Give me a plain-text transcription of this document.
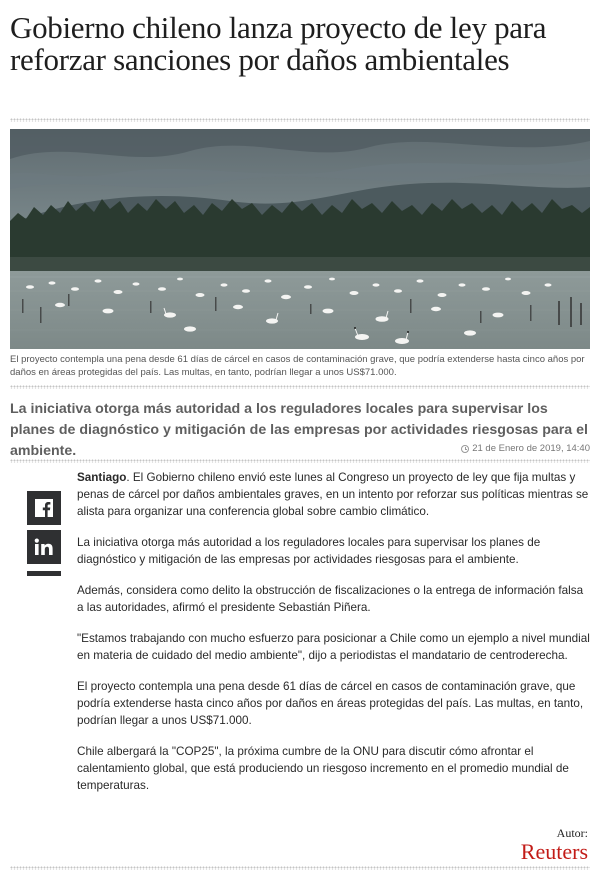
Gobierno chileno lanza proyecto de ley para reforzar sanciones por daños ambientales

El proyecto contempla una pena desde 61 días de cárcel en casos de contaminación grave, que podría extenderse hasta cinco años por daños en áreas protegidas del país. Las multas, en tanto, podrían llegar a unos US$71.000.

La iniciativa otorga más autoridad a los reguladores locales para supervisar los planes de diagnóstico y mitigación de las empresas por actividades riesgosas para el ambiente.	21 de Enero de 2019, 14:40

Santiago. El Gobierno chileno envió este lunes al Congreso un proyecto de ley que fija multas y penas de cárcel por daños ambientales graves, en un intento por reforzar sus políticas mientras se alista para organizar una conferencia global sobre cambio climático.

La iniciativa otorga más autoridad a los reguladores locales para supervisar los planes de diagnóstico y mitigación de las empresas por actividades riesgosas para el ambiente.

Además, considera como delito la obstrucción de fiscalizaciones o la entrega de información falsa a las autoridades, afirmó el presidente Sebastián Piñera.

"Estamos trabajando con mucho esfuerzo para posicionar a Chile como un ejemplo a nivel mundial en materia de cuidado del medio ambiente", dijo a periodistas el mandatario de centroderecha.

El proyecto contempla una pena desde 61 días de cárcel en casos de contaminación grave, que podría extenderse hasta cinco años por daños en áreas protegidas del país. Las multas, en tanto, podrían llegar a unos US$71.000.

Chile albergará la "COP25", la próxima cumbre de la ONU para discutir cómo afrontar el calentamiento global, que está produciendo un riesgoso incremento en el promedio mundial de temperaturas.

Autor:

Reuters
